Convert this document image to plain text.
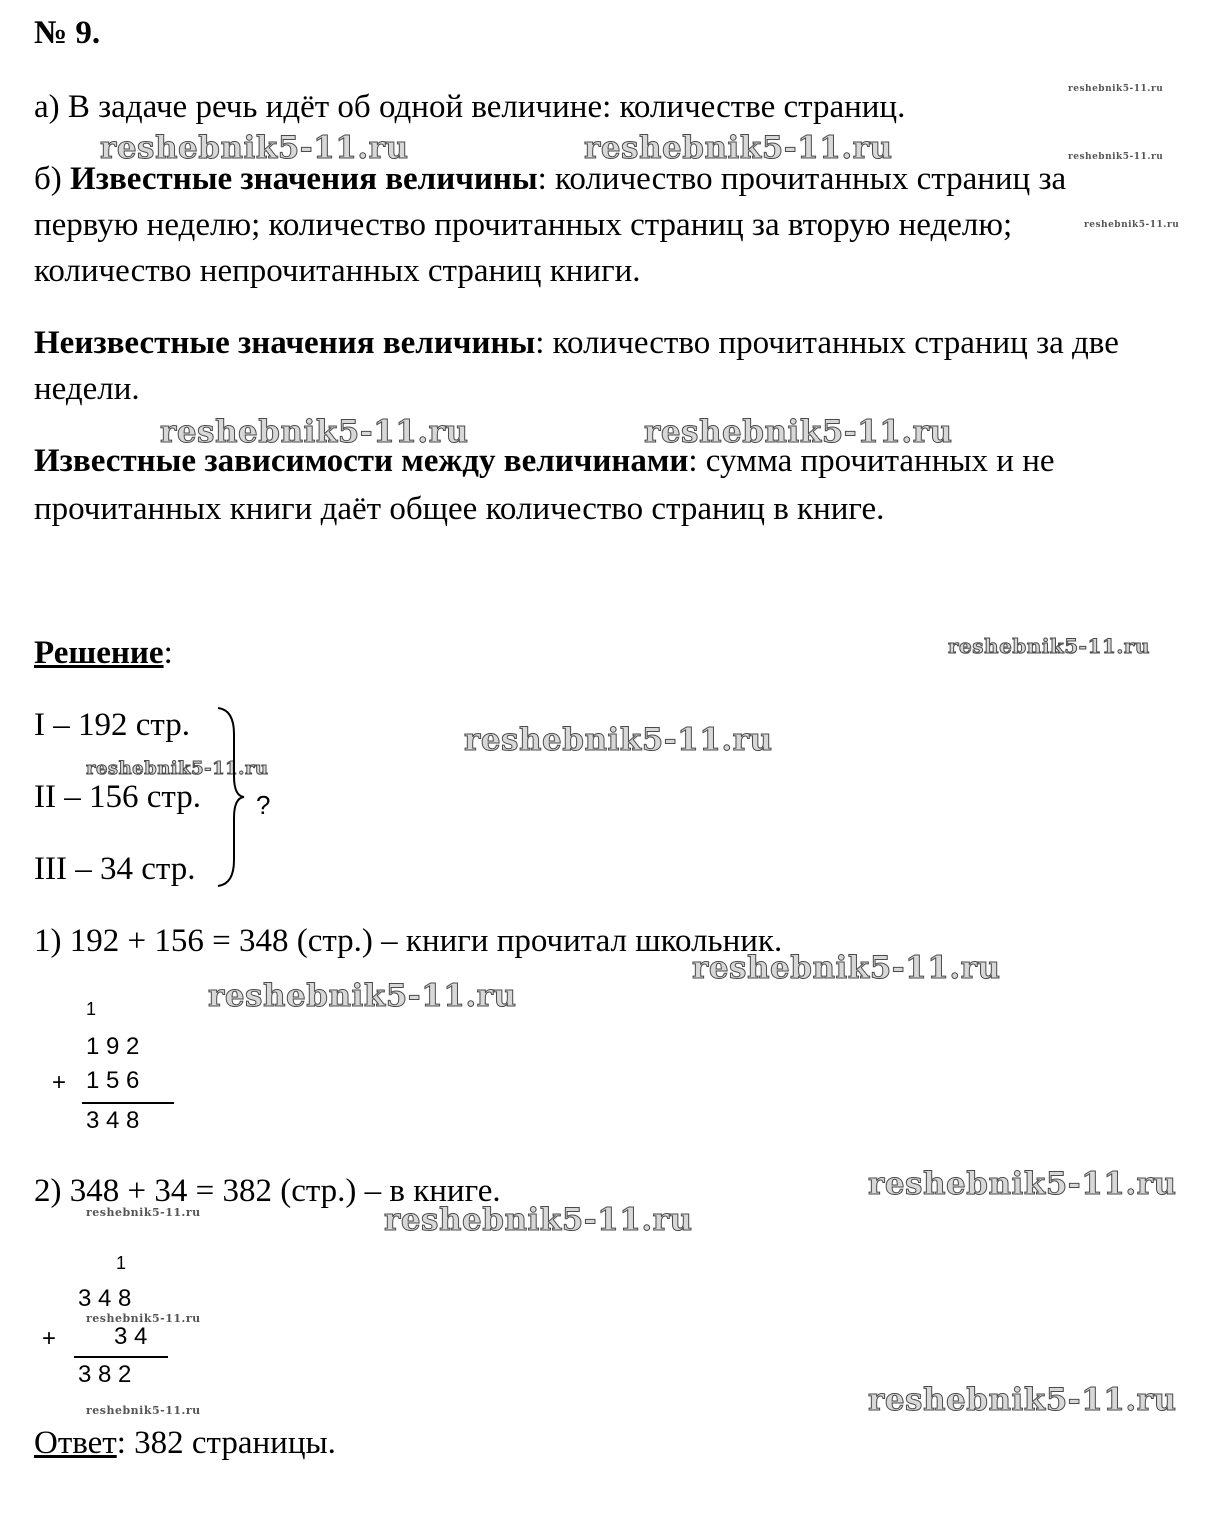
reshebnik5-11.ru	reshebnik5-11.ru
reshebnik5-11.ru	reshebnik5-11.ru
reshebnik5-11.ru
reshebnik5-11.ru
reshebnik5-11.ru
reshebnik5-11.ru
reshebnik5-11.ru
reshebnik5-11.ru
reshebnik5-11.ru
reshebnik5-11.ru
reshebnik5-11.ru
reshebnik5-11.ru
reshebnik5-11.ru
reshebnik5-11.ru
reshebnik5-11.ru
reshebnik5-11.ru
№ 9.
а) В задаче речь идёт об одной величине: количестве страниц.
б) Известные значения величины: количество прочитанных страниц за
первую неделю; количество прочитанных страниц за вторую неделю;
количество непрочитанных страниц книги.
Неизвестные значения величины: количество прочитанных страниц за две
недели.
Известные зависимости между величинами: сумма прочитанных и не
прочитанных книги даёт общее количество страниц в книге.
Решение:
I – 192 стр.
II – 156 стр.
III – 34 стр.
?
1) 192 + 156 = 348 (стр.) – книги прочитал школьник.
1
1 9 2
+ 1 5 6
3 4 8
2) 348 + 34 = 382 (стр.) – в книге.
1
3 4 8
+ 3 4
3 8 2
Ответ: 382 страницы.
